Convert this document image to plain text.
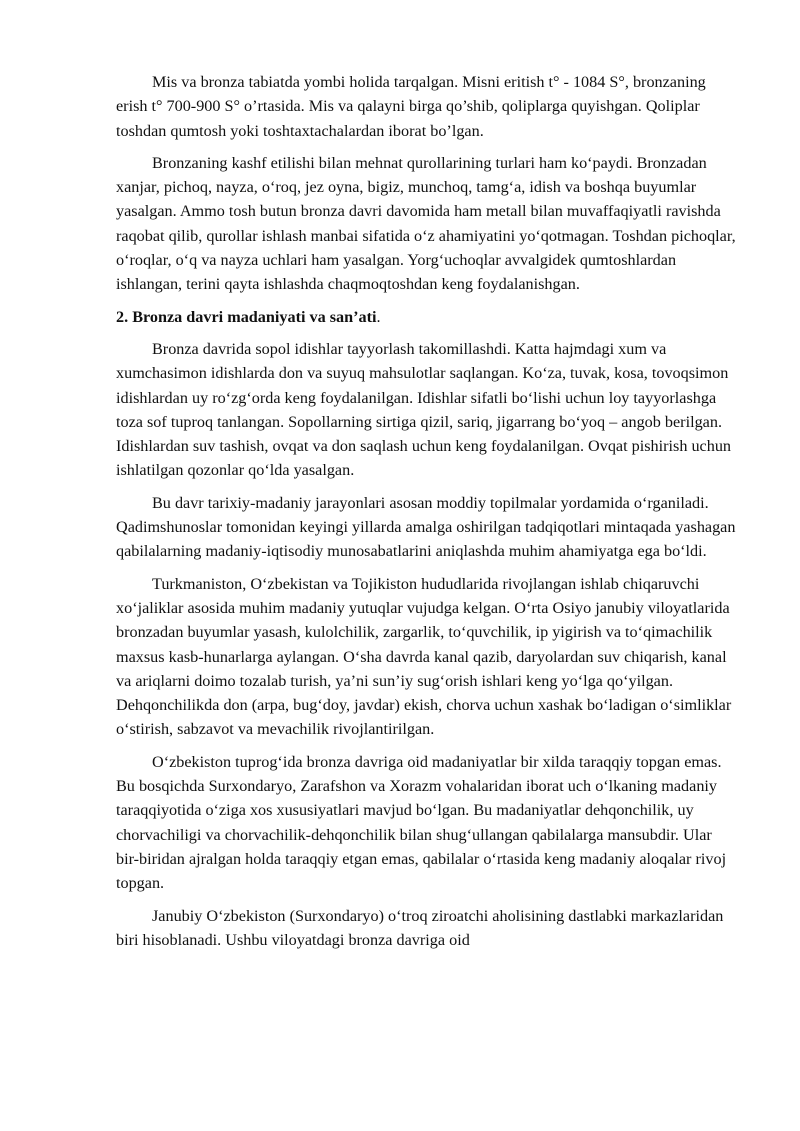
Mis va bronza tabiatda yombi holida tarqalgan. Misni eritish t° - 1084 S°, bronzaning erish t° 700-900 S° o’rtasida. Mis va qalayni birga qo’shib, qoliplarga quyishgan. Qoliplar toshdan qumtosh yoki toshtaxtachalardan iborat bo’lgan.

Bronzaning kashf etilishi bilan mehnat qurollarining turlari ham koʻpaydi. Bronzadan xanjar, pichoq, nayza, oʻroq, jez oyna, bigiz, munchoq, tamgʻa, idish va boshqa buyumlar yasalgan. Ammo tosh butun bronza davri davomida ham metall bilan muvaffaqiyatli ravishda raqobat qilib, qurollar ishlash manbai sifatida oʻz ahamiyatini yoʻqotmagan. Toshdan pichoqlar, oʻroqlar, oʻq va nayza uchlari ham yasalgan. Yorgʻuchoqlar avvalgidek qumtoshlardan ishlangan, terini qayta ishlashda chaqmoqtoshdan keng foydalanishgan.

2. Bronza davri madaniyati va san’ati.

Bronza davrida sopol idishlar tayyorlash takomillashdi. Katta hajmdagi xum va xumchasimon idishlarda don va suyuq mahsulotlar saqlangan. Koʻza, tuvak, kosa, tovoqsimon idishlardan uy roʻzgʻorda keng foydalanilgan. Idishlar sifatli boʻlishi uchun loy tayyorlashga toza sof tuproq tanlangan. Sopollarning sirtiga qizil, sariq, jigarrang boʻyoq – angob berilgan. Idishlardan suv tashish, ovqat va don saqlash uchun keng foydalanilgan. Ovqat pishirish uchun ishlatilgan qozonlar qoʻlda yasalgan.

Bu davr tarixiy-madaniy jarayonlari asosan moddiy topilmalar yordamida oʻrganiladi. Qadimshunoslar tomonidan keyingi yillarda amalga oshirilgan tadqiqotlari mintaqada yashagan qabilalarning madaniy-iqtisodiy munosabatlarini aniqlashda muhim ahamiyatga ega boʻldi.

Turkmaniston, Oʻzbekistan va Tojikiston hududlarida rivojlangan ishlab chiqaruvchi xoʻjaliklar asosida muhim madaniy yutuqlar vujudga kelgan. Oʻrta Osiyo janubiy viloyatlarida bronzadan buyumlar yasash, kulolchilik, zargarlik, toʻquvchilik, ip yigirish va toʻqimachilik maxsus kasb-hunarlarga aylangan. Oʻsha davrda kanal qazib, daryolardan suv chiqarish, kanal va ariqlarni doimo tozalab turish, yaʼni sunʼiy sugʻorish ishlari keng yoʻlga qoʻyilgan. Dehqonchilikda don (arpa, bugʻdoy, javdar) ekish, chorva uchun xashak boʻladigan oʻsimliklar oʻstirish, sabzavot va mevachilik rivojlantirilgan.

Oʻzbekiston tuprogʻida bronza davriga oid madaniyatlar bir xilda taraqqiy topgan emas. Bu bosqichda Surxondaryo, Zarafshon va Xorazm vohalaridan iborat uch oʻlkaning madaniy taraqqiyotida oʻziga xos xususiyatlari mavjud boʻlgan. Bu madaniyatlar dehqonchilik, uy chorvachiligi va chorvachilik-dehqonchilik bilan shugʻullangan qabilalarga mansubdir. Ular bir-biridan ajralgan holda taraqqiy etgan emas, qabilalar oʻrtasida keng madaniy aloqalar rivoj topgan.

Janubiy Oʻzbekiston (Surxondaryo) oʻtroq ziroatchi aholisining dastlabki markazlaridan biri hisoblanadi. Ushbu viloyatdagi bronza davriga oid
